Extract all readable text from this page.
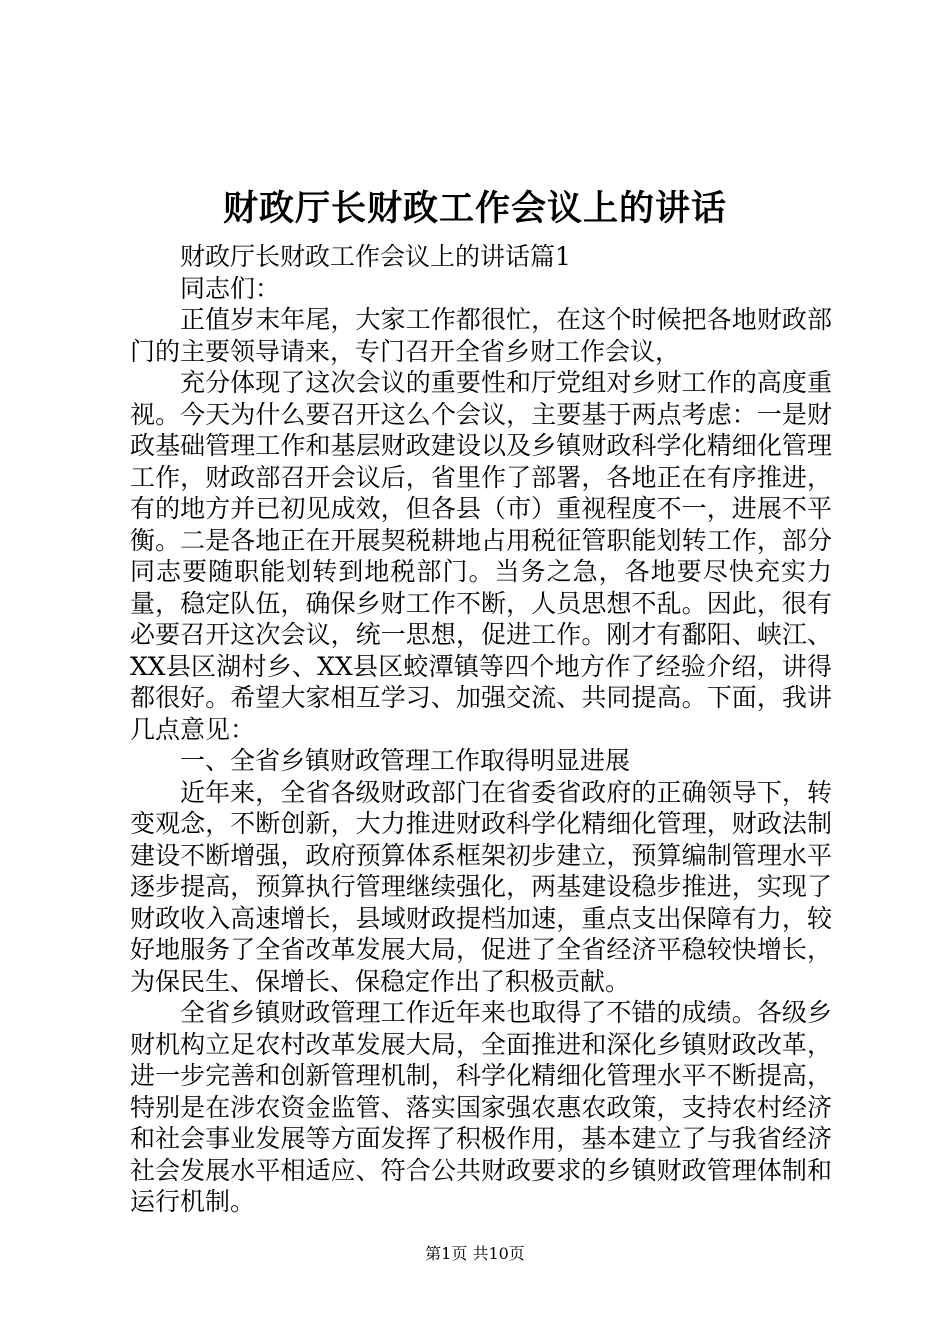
财政厅长财政工作会议上的讲话

财政厅长财政工作会议上的讲话篇1

同志们：

正值岁末年尾，大家工作都很忙，在这个时候把各地财政部门的主要领导请来，专门召开全省乡财工作会议，

充分体现了这次会议的重要性和厅党组对乡财工作的高度重视。今天为什么要召开这么个会议，主要基于两点考虑：一是财政基础管理工作和基层财政建设以及乡镇财政科学化精细化管理工作，财政部召开会议后，省里作了部署，各地正在有序推进，有的地方并已初见成效，但各县（市）重视程度不一，进展不平衡。二是各地正在开展契税耕地占用税征管职能划转工作，部分同志要随职能划转到地税部门。当务之急，各地要尽快充实力量，稳定队伍，确保乡财工作不断，人员思想不乱。因此，很有必要召开这次会议，统一思想，促进工作。刚才有鄱阳、峡江、XX县区湖村乡、XX县区蛟潭镇等四个地方作了经验介绍，讲得都很好。希望大家相互学习、加强交流、共同提高。下面，我讲几点意见：

一、全省乡镇财政管理工作取得明显进展

近年来，全省各级财政部门在省委省政府的正确领导下，转变观念，不断创新，大力推进财政科学化精细化管理，财政法制建设不断增强，政府预算体系框架初步建立，预算编制管理水平逐步提高，预算执行管理继续强化，两基建设稳步推进，实现了财政收入高速增长，县域财政提档加速，重点支出保障有力，较好地服务了全省改革发展大局，促进了全省经济平稳较快增长，为保民生、保增长、保稳定作出了积极贡献。

全省乡镇财政管理工作近年来也取得了不错的成绩。各级乡财机构立足农村改革发展大局，全面推进和深化乡镇财政改革，进一步完善和创新管理机制，科学化精细化管理水平不断提高，特别是在涉农资金监管、落实国家强农惠农政策，支持农村经济和社会事业发展等方面发挥了积极作用，基本建立了与我省经济社会发展水平相适应、符合公共财政要求的乡镇财政管理体制和运行机制。

第1页 共10页
